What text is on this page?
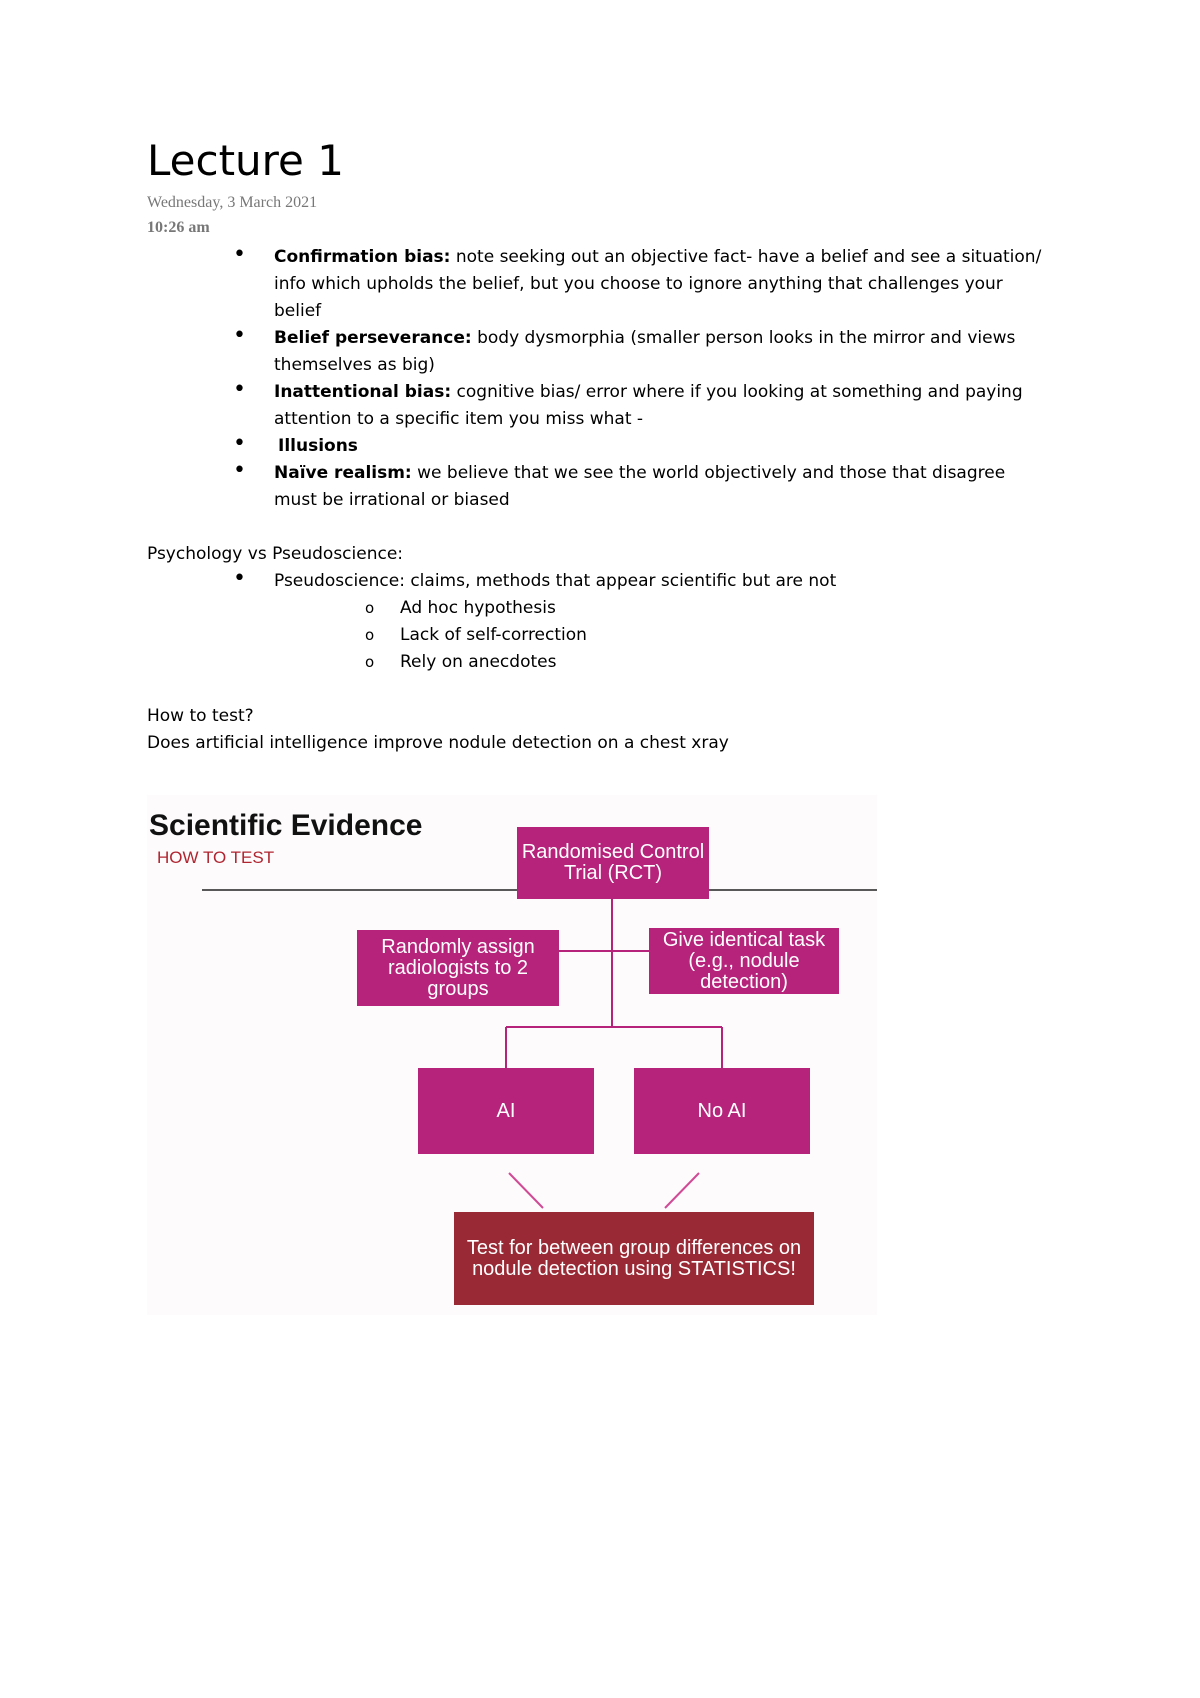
Lecture 1
Wednesday, 3 March 2021
10:26 am
• Confirmation bias: note seeking out an objective fact- have a belief and see a situation/ info which upholds the belief, but you choose to ignore anything that challenges your belief
• Belief perseverance: body dysmorphia (smaller person looks in the mirror and views themselves as big)
• Inattentional bias: cognitive bias/ error where if you looking at something and paying attention to a specific item you miss what -
• Illusions
• Naïve realism: we believe that we see the world objectively and those that disagree must be irrational or biased

Psychology vs Pseudoscience:

• Pseudoscience: claims, methods that appear scientific but are not
o Ad hoc hypothesis
o Lack of self-correction
o Rely on anecdotes

How to test?

Does artificial intelligence improve nodule detection on a chest xray

Scientific Evidence
HOW TO TEST	Randomised Control Trial (RCT)
Randomly assign radiologists to 2 groups
Give identical task (e.g., nodule detection)
AI	No AI
Test for between group differences on nodule detection using STATISTICS!
